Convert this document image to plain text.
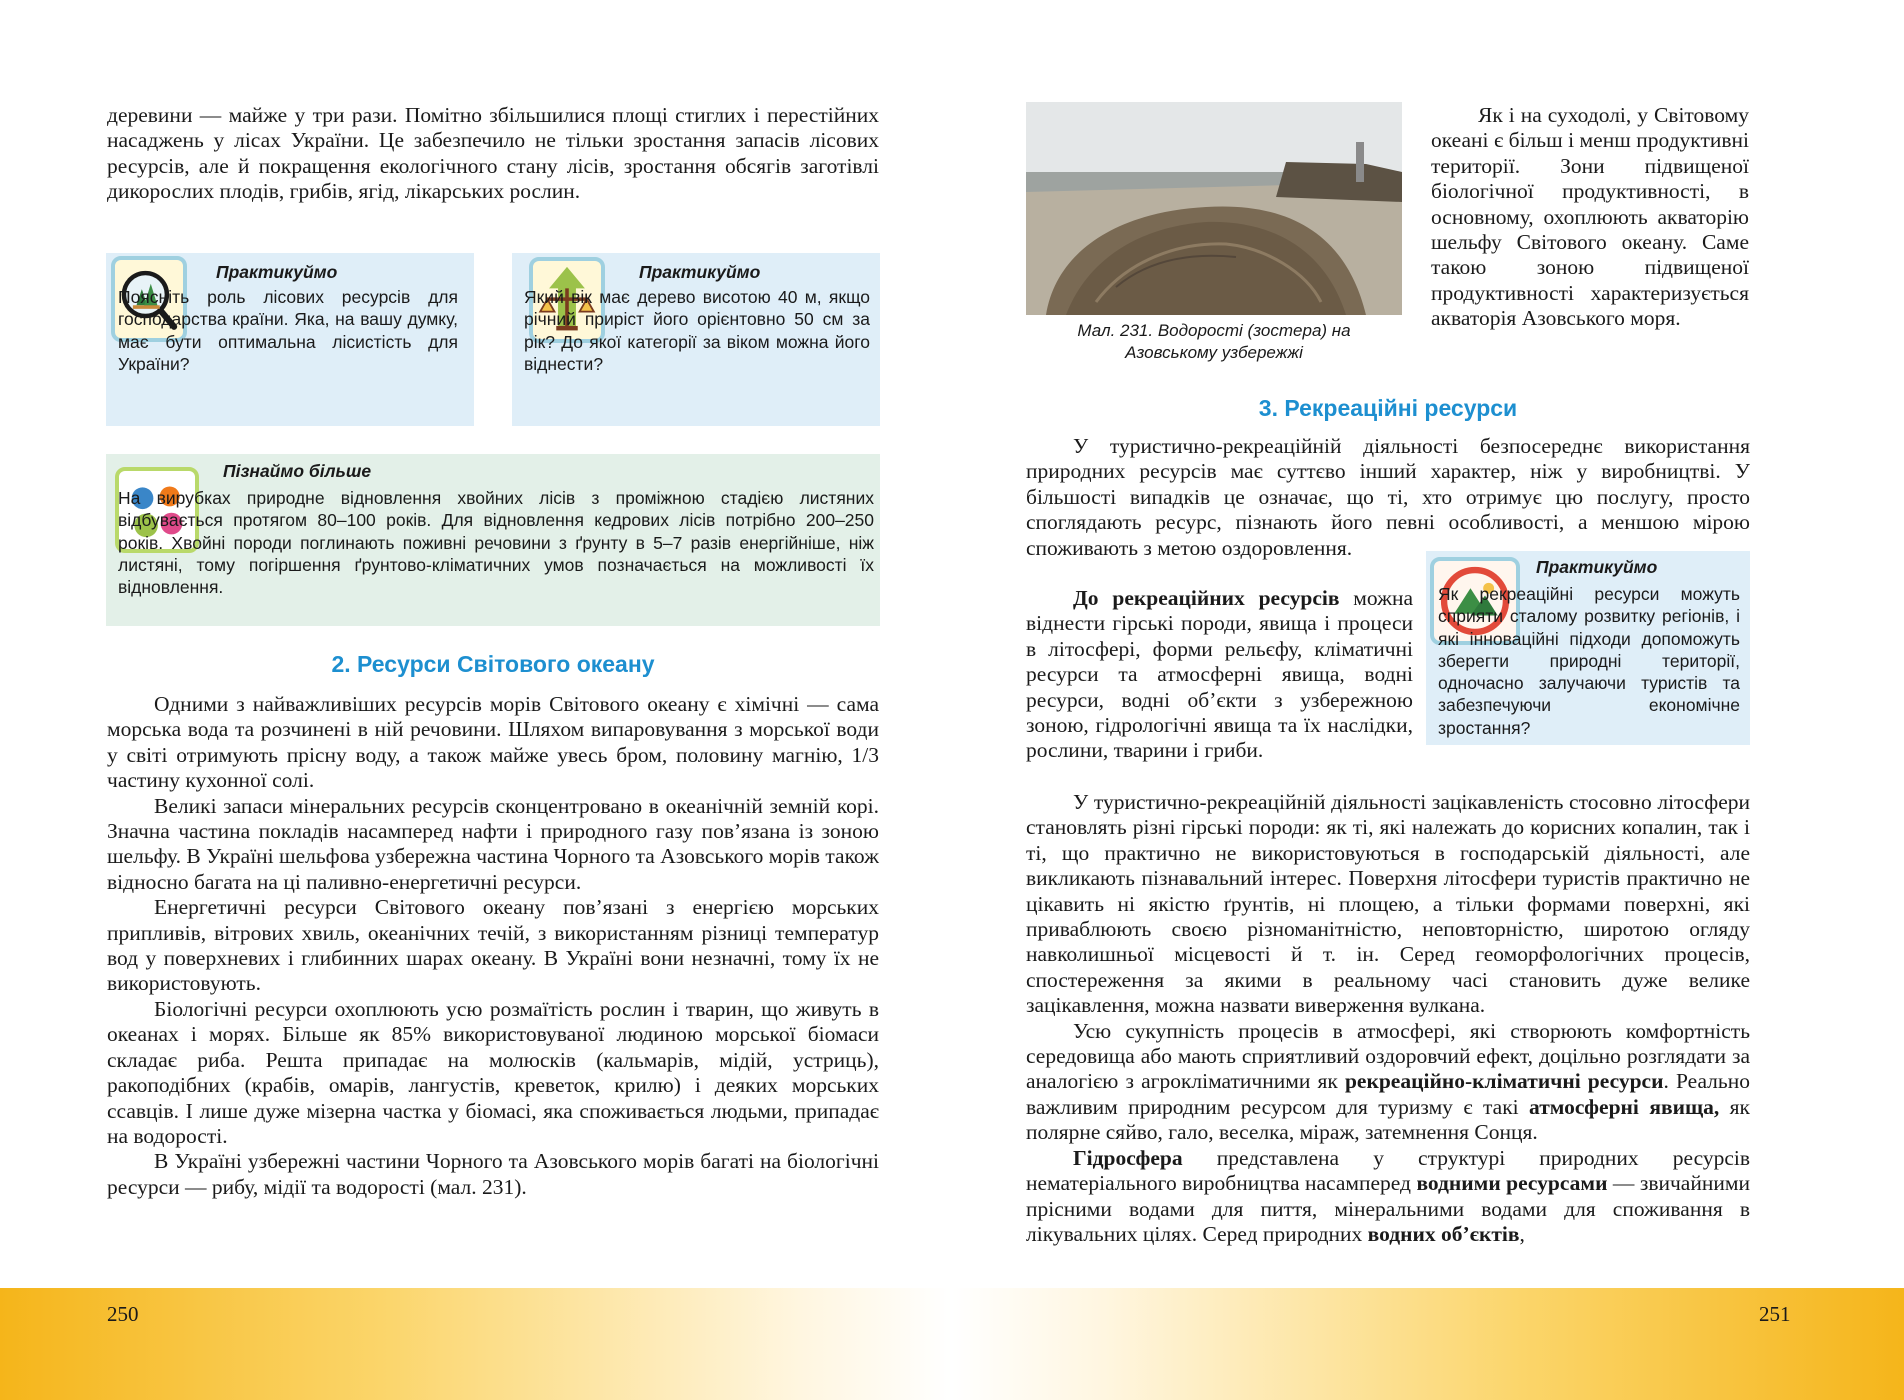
деревини — майже у три рази. Помітно збільшилися площі стиглих і перестійних насаджень у лісах України. Це забезпечило не тільки зростання запасів лісових ресурсів, але й покращення екологічного стану лісів, зростання обсягів заготівлі дикорослих плодів, грибів, ягід, лікарських рослин.

Практикуймо
Поясніть роль лісових ресурсів для господарства країни. Яка, на вашу думку, має бути оптимальна лісистість для України?
Практикуймо
Який вік має дерево висотою 40 м, якщо річний приріст його орієнтовно 50 см за рік? До якої категорії за віком можна його віднести?
Пізнаймо більше
На вирубках природне відновлення хвойних лісів з проміжною стадією листяних відбувається протягом 80–100 років. Для відновлення кедрових лісів потрібно 200–250 років. Хвойні породи поглинають поживні речовини з ґрунту в 5–7 разів енергійніше, ніж листяні, тому погіршення ґрунтово-кліматичних умов позначається на можливості їх відновлення.
2. Ресурси Світового океану

Одними з найважливіших ресурсів морів Світового океану є хімічні — сама морська вода та розчинені в ній речовини. Шляхом випаровування з морської води у світі отримують прісну воду, а також майже увесь бром, половину магнію, 1/3 частину кухонної солі.

Великі запаси мінеральних ресурсів сконцентровано в океанічній земній корі. Значна частина покладів насамперед нафти і природного газу пов’язана із зоною шельфу. В Україні шельфова узбережна частина Чорного та Азовського морів також відносно багата на ці паливно-енергетичні ресурси.

Енергетичні ресурси Світового океану пов’язані з енергією морських припливів, вітрових хвиль, океанічних течій, з використанням різниці температур вод у поверхневих і глибинних шарах океану. В Україні вони незначні, тому їх не використовують.

Біологічні ресурси охоплюють усю розмаїтість рослин і тварин, що живуть в океанах і морях. Більше як 85% використовуваної людиною морської біомаси складає риба. Решта припадає на молюсків (кальмарів, мідій, устриць), ракоподібних (крабів, омарів, лангустів, креветок, крилю) і деяких морських ссавців. І лише дуже мізерна частка у біомасі, яка споживається людьми, припадає на водорості.

В Україні узбережні частини Чорного та Азовського морів багаті на біологічні ресурси — рибу, мідії та водорості (мал. 231).

Мал. 231. Водорості (зостера) на Азовському узбережжі

Як і на суходолі, у Світовому океані є більш і менш продуктивні території. Зони підвищеної біологічної продуктивності, в основному, охоплюють акваторію шельфу Світового океану. Саме такою зоною підвищеної продуктивності характеризується акваторія Азовського моря.

3. Рекреаційні ресурси

У туристично-рекреаційній діяльності безпосереднє використання природних ресурсів має суттєво інший характер, ніж у виробництві. У більшості випадків це означає, що ті, хто отримує цю послугу, просто споглядають ресурс, пізнають його певні особливості, а меншою мірою споживають з метою оздоровлення.

Практикуймо
Як рекреаційні ресурси можуть сприяти сталому розвитку регіонів, і які інноваційні підходи допоможуть зберегти природні території, одночасно залучаючи туристів та забезпечуючи економічне зростання?

До рекреаційних ресурсів можна віднести гірські породи, явища і процеси в літосфері, форми рельєфу, кліматичні ресурси та атмосферні явища, водні ресурси, водні об’єкти з узбережною зоною, гідрологічні явища та їх наслідки, рослини, тварини і гриби.

У туристично-рекреаційній діяльності зацікавленість стосовно літосфери становлять різні гірські породи: як ті, які належать до корисних копалин, так і ті, що практично не використовуються в господарській діяльності, але викликають пізнавальний інтерес. Поверхня літосфери туристів практично не цікавить ні якістю ґрунтів, ні площею, а тільки формами поверхні, які приваблюють своєю різноманітністю, неповторністю, широтою огляду навколишньої місцевості й т. ін. Серед геоморфологічних процесів, спостереження за якими в реальному часі становить дуже велике зацікавлення, можна назвати виверження вулкана.

Усю сукупність процесів в атмосфері, які створюють комфортність середовища або мають сприятливий оздоровчий ефект, доцільно розглядати за аналогією з агрокліматичними як рекреаційно-кліматичні ресурси. Реально важливим природним ресурсом для туризму є такі атмосферні явища, як полярне сяйво, гало, веселка, міраж, затемнення Сонця.

Гідросфера представлена у структурі природних ресурсів нематеріального виробництва насамперед водними ресурсами — звичайними прісними водами для пиття, мінеральними водами для споживання в лікувальних цілях. Серед природних водних об’єктів,

250	251
